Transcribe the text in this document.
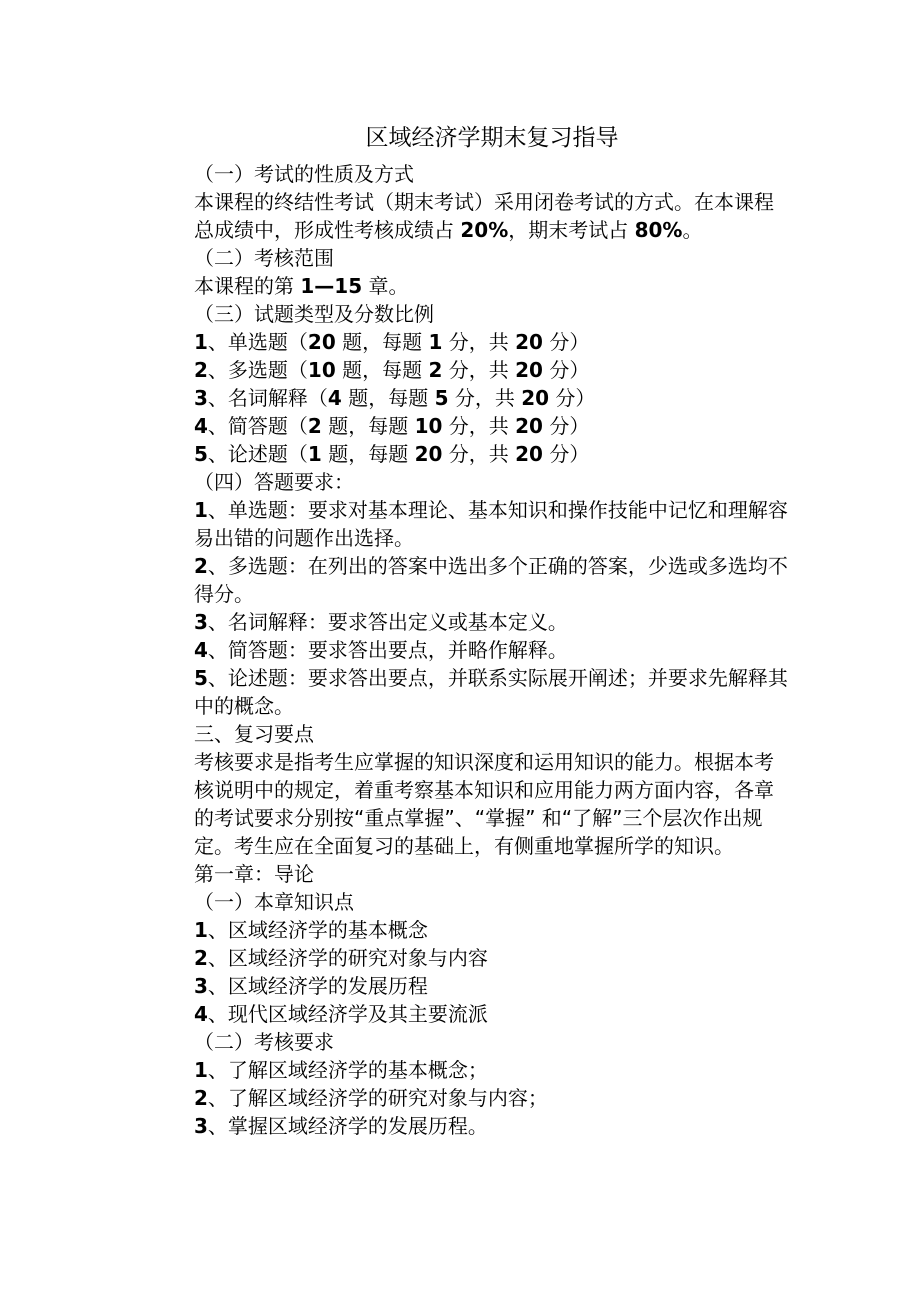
区域经济学期末复习指导

（一）考试的性质及方式

本课程的终结性考试（期末考试）采用闭卷考试的方式。在本课程总成绩中，形成性考核成绩占 20%，期末考试占 80%。

（二）考核范围

本课程的第 1—15 章。

（三）试题类型及分数比例

1、单选题（20 题，每题 1 分，共 20 分）

2、多选题（10 题，每题 2 分，共 20 分）

3、名词解释（4 题，每题 5 分，共 20 分）

4、简答题（2 题，每题 10 分，共 20 分）

5、论述题（1 题，每题 20 分，共 20 分）

（四）答题要求：

1、单选题：要求对基本理论、基本知识和操作技能中记忆和理解容易出错的问题作出选择。

2、多选题：在列出的答案中选出多个正确的答案，少选或多选均不得分。

3、名词解释：要求答出定义或基本定义。

4、简答题：要求答出要点，并略作解释。

5、论述题：要求答出要点，并联系实际展开阐述；并要求先解释其中的概念。

三、复习要点

考核要求是指考生应掌握的知识深度和运用知识的能力。根据本考核说明中的规定，着重考察基本知识和应用能力两方面内容，各章的考试要求分别按“重点掌握”、“掌握” 和“了解”三个层次作出规定。考生应在全面复习的基础上，有侧重地掌握所学的知识。

第一章：导论

（一）本章知识点

1、区域经济学的基本概念

2、区域经济学的研究对象与内容

3、区域经济学的发展历程

4、现代区域经济学及其主要流派

（二）考核要求

1、了解区域经济学的基本概念；

2、了解区域经济学的研究对象与内容；

3、掌握区域经济学的发展历程。
